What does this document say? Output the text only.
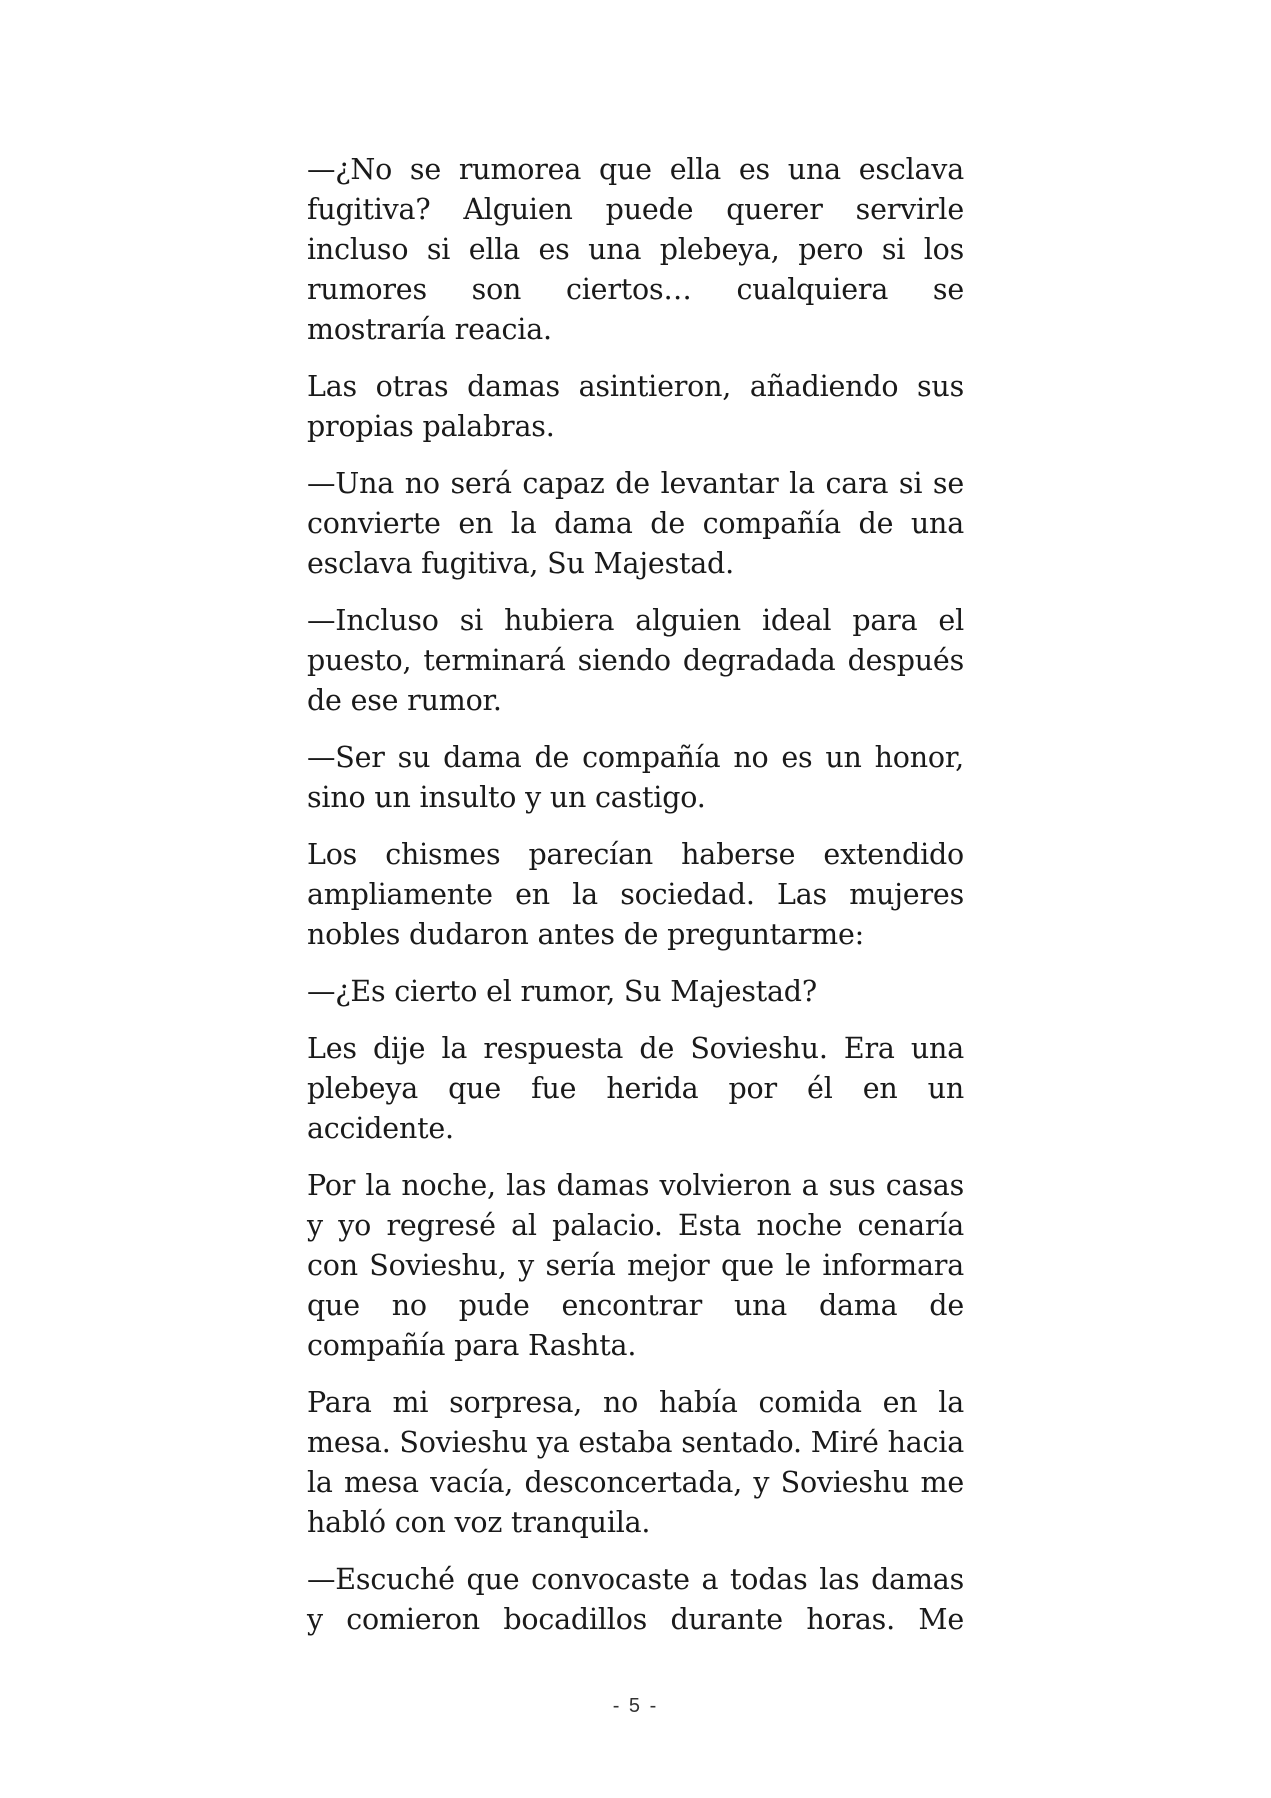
—¿No se rumorea que ella es una esclava fugitiva? Alguien puede querer servirle incluso si ella es una plebeya, pero si los rumores son ciertos… cualquiera se mostraría reacia.

Las otras damas asintieron, añadiendo sus propias palabras.

—Una no será capaz de levantar la cara si se convierte en la dama de compañía de una esclava fugitiva, Su Majestad.

—Incluso si hubiera alguien ideal para el puesto, terminará siendo degradada después de ese rumor.

—Ser su dama de compañía no es un honor, sino un insulto y un castigo.

Los chismes parecían haberse extendido ampliamente en la sociedad. Las mujeres nobles dudaron antes de preguntarme:

—¿Es cierto el rumor, Su Majestad?

Les dije la respuesta de Sovieshu. Era una plebeya que fue herida por él en un accidente.

Por la noche, las damas volvieron a sus casas y yo regresé al palacio. Esta noche cenaría con Sovieshu, y sería mejor que le informara que no pude encontrar una dama de compañía para Rashta.

Para mi sorpresa, no había comida en la mesa. Sovieshu ya estaba sentado. Miré hacia la mesa vacía, desconcertada, y Sovieshu me habló con voz tranquila.

—Escuché que convocaste a todas las damas y comieron bocadillos durante horas. Me

- 5 -
